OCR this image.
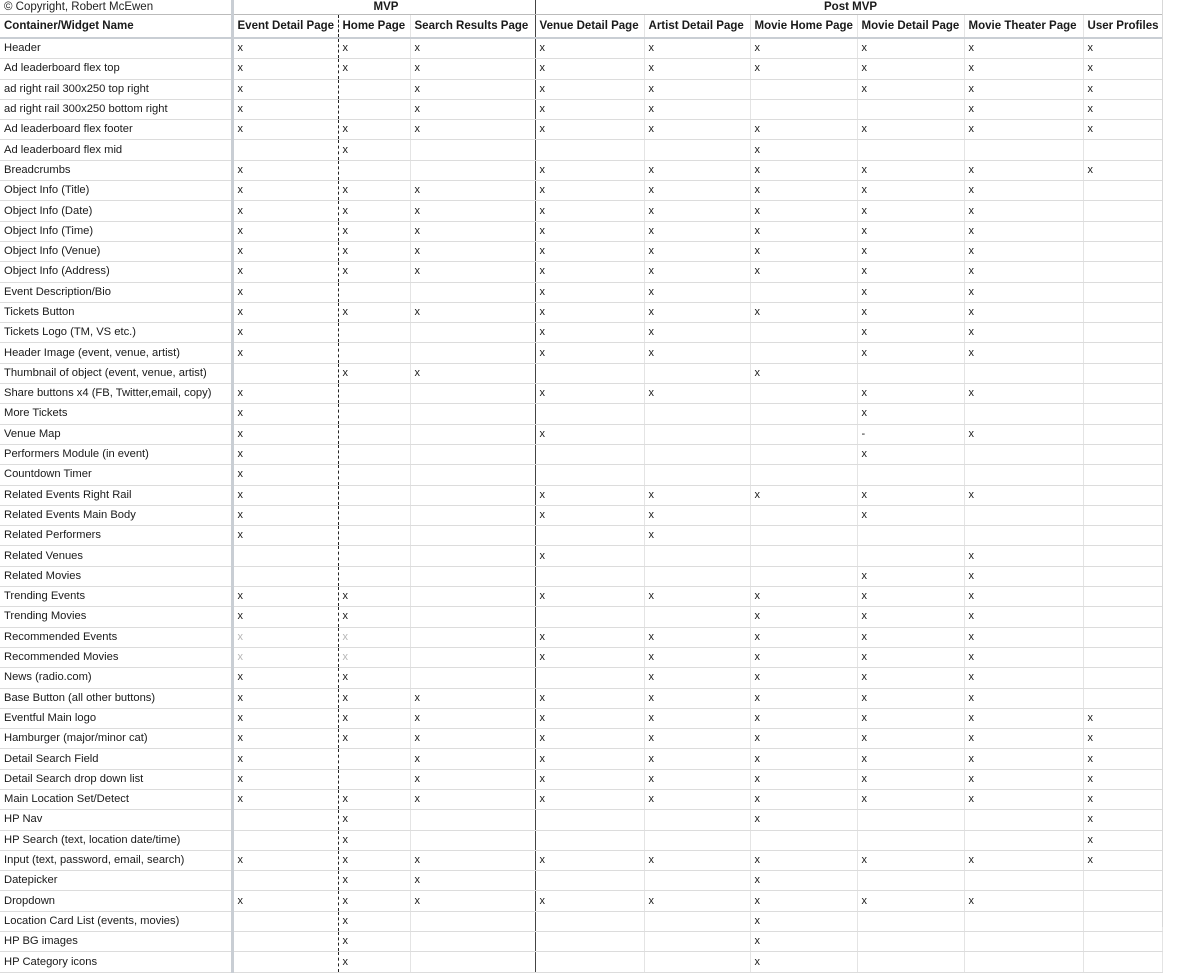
© Copyright, Robert McEwen	MVP			Post MVP					
Container/Widget Name	Event Detail Page	Home Page	Search Results Page	Venue Detail Page	Artist Detail Page	Movie Home Page	Movie Detail Page	Movie Theater Page	User Profiles
Header	x	x	x	x	x	x	x	x	x
Ad leaderboard flex top	x	x	x	x	x	x	x	x	x
ad right rail 300x250 top right	x		x	x	x		x	x	x
ad right rail 300x250 bottom right	x		x	x	x			x	x
Ad leaderboard flex footer	x	x	x	x	x	x	x	x	x
Ad leaderboard flex mid		x				x			
Breadcrumbs	x			x	x	x	x	x	x
Object Info (Title)	x	x	x	x	x	x	x	x	
Object Info (Date)	x	x	x	x	x	x	x	x	
Object Info (Time)	x	x	x	x	x	x	x	x	
Object Info (Venue)	x	x	x	x	x	x	x	x	
Object Info (Address)	x	x	x	x	x	x	x	x	
Event Description/Bio	x			x	x		x	x	
Tickets Button	x	x	x	x	x	x	x	x	
Tickets Logo (TM, VS etc.)	x			x	x		x	x	
Header Image (event, venue, artist)	x			x	x		x	x	
Thumbnail of object (event, venue, artist)		x	x			x			
Share buttons x4 (FB, Twitter,email, copy)	x			x	x		x	x	
More Tickets	x						x		
Venue Map	x			x			-	x	
Performers Module (in event)	x						x		
Countdown Timer	x								
Related Events Right Rail	x			x	x	x	x	x	
Related Events Main Body	x			x	x		x		
Related Performers	x				x				
Related Venues				x				x	
Related Movies							x	x	
Trending Events	x	x		x	x	x	x	x	
Trending Movies	x	x				x	x	x	
Recommended Events	x	x		x	x	x	x	x	
Recommended Movies	x	x		x	x	x	x	x	
News (radio.com)	x	x			x	x	x	x	
Base Button (all other buttons)	x	x	x	x	x	x	x	x	
Eventful Main logo	x	x	x	x	x	x	x	x	x
Hamburger (major/minor cat)	x	x	x	x	x	x	x	x	x
Detail Search Field	x		x	x	x	x	x	x	x
Detail Search drop down list	x		x	x	x	x	x	x	x
Main Location Set/Detect	x	x	x	x	x	x	x	x	x
HP Nav		x				x			x
HP Search (text, location date/time)		x							x
Input (text, password, email, search)	x	x	x	x	x	x	x	x	x
Datepicker		x	x			x			
Dropdown	x	x	x	x	x	x	x	x	
Location Card List (events, movies)		x				x			
HP BG images		x				x			
HP Category icons		x				x			
